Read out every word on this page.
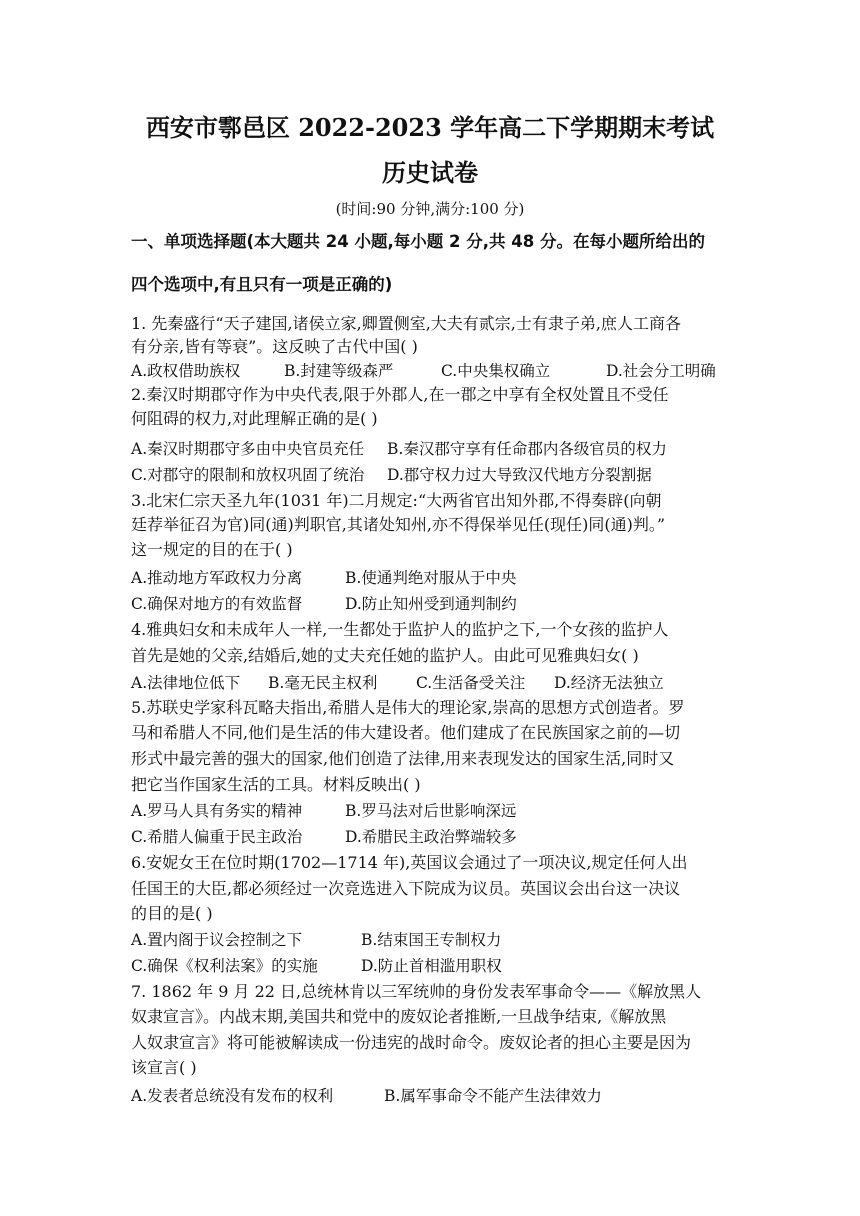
西安市鄠邑区 2022-2023 学年高二下学期期末考试
历史试卷
(时间:90 分钟,满分:100 分)
一、单项选择题(本大题共 24 小题,每小题 2 分,共 48 分。在每小题所给出的
四个选项中,有且只有一项是正确的)
1. 先秦盛行“天子建国,诸侯立家,卿置侧室,大夫有贰宗,士有隶子弟,庶人工商各
有分亲,皆有等衰”。这反映了古代中国( )
A.政权借助族权	B.封建等级森严	C.中央集权确立	D.社会分工明确
2.秦汉时期郡守作为中央代表,限于外郡人,在一郡之中享有全权处置且不受任
何阻碍的权力,对此理解正确的是( )
A.秦汉时期郡守多由中央官员充任 B.秦汉郡守享有任命郡内各级官员的权力
C.对郡守的限制和放权巩固了统治 D.郡守权力过大导致汉代地方分裂割据
3.北宋仁宗天圣九年(1031 年)二月规定:“大两省官出知外郡,不得奏辟(向朝
廷荐举征召为官)同(通)判职官,其诸处知州,亦不得保举见任(现任)同(通)判。”
这一规定的目的在于( )
A.推动地方军政权力分离	B.使通判绝对服从于中央
C.确保对地方的有效监督	D.防止知州受到通判制约
4.雅典妇女和未成年人一样,一生都处于监护人的监护之下,一个女孩的监护人
首先是她的父亲,结婚后,她的丈夫充任她的监护人。由此可见雅典妇女( )
A.法律地位低下 B.毫无民主权利 C.生活备受关注 D.经济无法独立
5.苏联史学家科瓦略夫指出,希腊人是伟大的理论家,崇高的思想方式创造者。罗
马和希腊人不同,他们是生活的伟大建设者。他们建成了在民族国家之前的—切
形式中最完善的强大的国家,他们创造了法律,用来表现发达的国家生活,同时又
把它当作国家生活的工具。材料反映出( )
A.罗马人具有务实的精神	B.罗马法对后世影响深远
C.希腊人偏重于民主政治	D.希腊民主政治弊端较多
6.安妮女王在位时期(1702—1714 年),英国议会通过了一项决议,规定任何人出
任国王的大臣,都必须经过一次竞选进入下院成为议员。英国议会出台这一决议
的目的是( )
A.置内阁于议会控制之下	B.结束国王专制权力
C.确保《权利法案》的实施	D.防止首相滥用职权
7. 1862 年 9 月 22 日,总统林肯以三军统帅的身份发表军事命令——《解放黑人
奴隶宣言》。内战末期,美国共和党中的废奴论者推断,一旦战争结束,《解放黑
人奴隶宣言》将可能被解读成一份违宪的战时命令。废奴论者的担心主要是因为
该宣言( )
A.发表者总统没有发布的权利	B.属军事命令不能产生法律效力
